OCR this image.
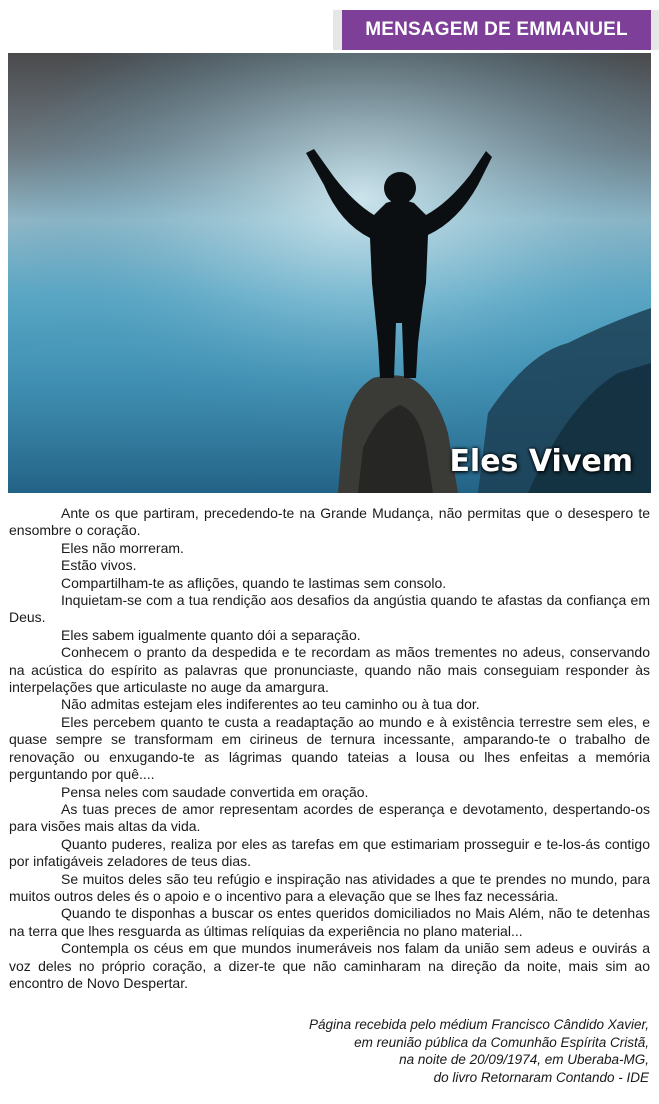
MENSAGEM DE EMMANUEL
Eles Vivem

Ante os que partiram, precedendo-te na Grande Mudança, não permitas que o desespero te ensombre o coração.

Eles não morreram.

Estão vivos.

Compartilham-te as aflições, quando te lastimas sem consolo.

Inquietam-se com a tua rendição aos desafios da angústia quando te afastas da confiança em Deus.

Eles sabem igualmente quanto dói a separação.

Conhecem o pranto da despedida e te recordam as mãos trementes no adeus, conservando na acústica do espírito as palavras que pronunciaste, quando não mais conseguiam responder às interpelações que articulaste no auge da amargura.

Não admitas estejam eles indiferentes ao teu caminho ou à tua dor.

Eles percebem quanto te custa a readaptação ao mundo e à existência terrestre sem eles, e quase sempre se transformam em cirineus de ternura incessante, amparando-te o trabalho de renovação ou enxugando-te as lágrimas quando tateias a lousa ou lhes enfeitas a memória perguntando por quê....

Pensa neles com saudade convertida em oração.

As tuas preces de amor representam acordes de esperança e devotamento, despertando-os para visões mais altas da vida.

Quanto puderes, realiza por eles as tarefas em que estimariam prosseguir e te-los-ás contigo por infatigáveis zeladores de teus dias.

Se muitos deles são teu refúgio e inspiração nas atividades a que te prendes no mundo, para muitos outros deles és o apoio e o incentivo para a elevação que se lhes faz necessária.

Quando te disponhas a buscar os entes queridos domiciliados no Mais Além, não te detenhas na terra que lhes resguarda as últimas relíquias da experiência no plano material...

Contempla os céus em que mundos inumeráveis nos falam da união sem adeus e ouvirás a voz deles no próprio coração, a dizer-te que não caminharam na direção da noite, mais sim ao encontro de Novo Despertar.

Página recebida pelo médium Francisco Cândido Xavier,
em reunião pública da Comunhão Espírita Cristã,
na noite de 20/09/1974, em Uberaba-MG,
do livro Retornaram Contando - IDE
